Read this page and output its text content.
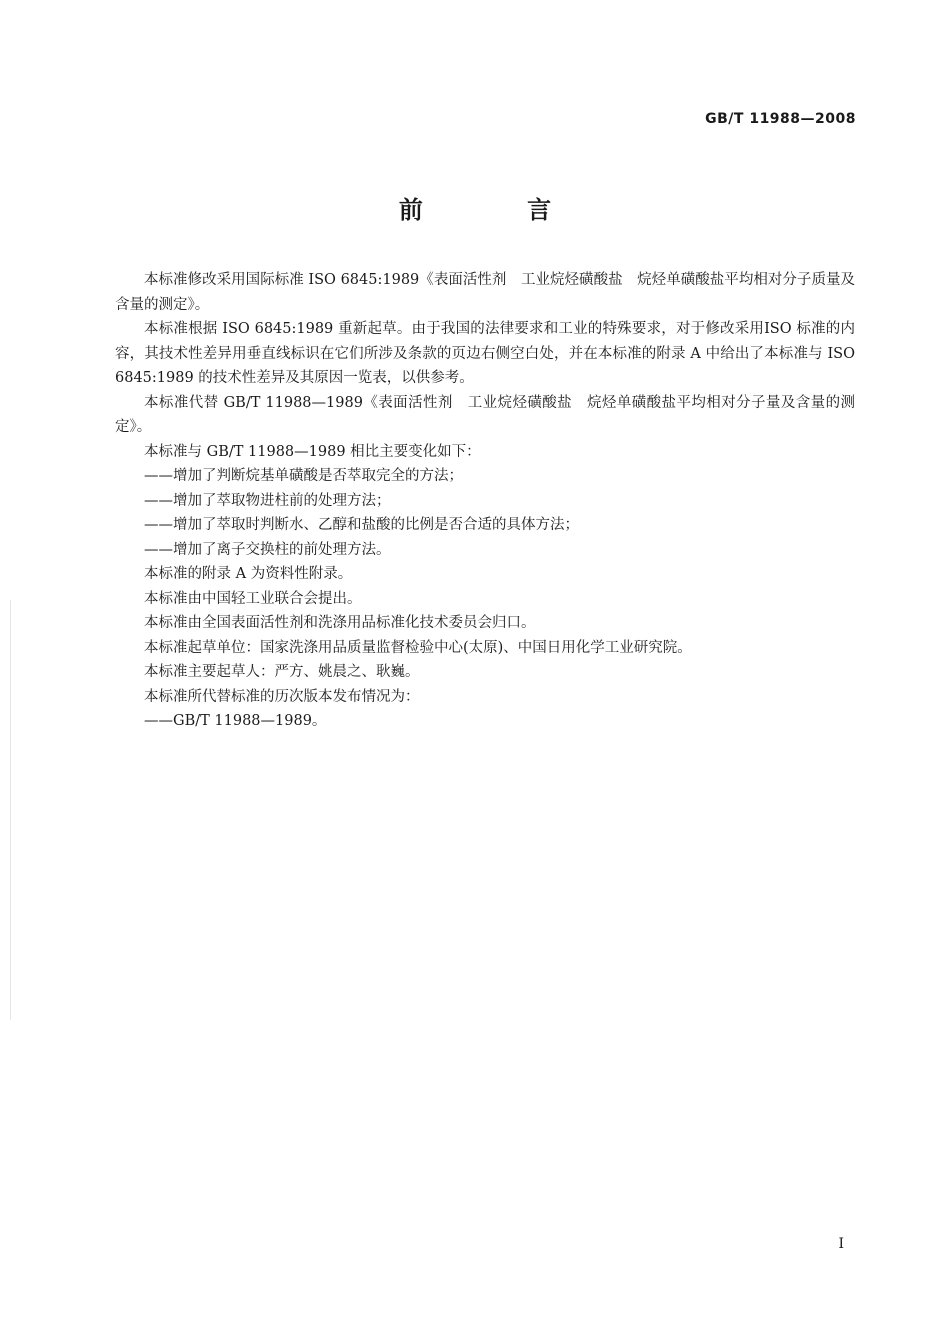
GB/T 11988—2008
前 言

本标准修改采用国际标准 ISO 6845:1989《表面活性剂　工业烷烃磺酸盐　烷烃单磺酸盐平均相对分子质量及含量的测定》。

本标准根据 ISO 6845:1989 重新起草。由于我国的法律要求和工业的特殊要求，对于修改采用ISO 标准的内容，其技术性差异用垂直线标识在它们所涉及条款的页边右侧空白处，并在本标准的附录 A 中给出了本标准与 ISO 6845:1989 的技术性差异及其原因一览表，以供参考。

本标准代替 GB/T 11988—1989《表面活性剂　工业烷烃磺酸盐　烷烃单磺酸盐平均相对分子量及含量的测定》。

本标准与 GB/T 11988—1989 相比主要变化如下：

——增加了判断烷基单磺酸是否萃取完全的方法；

——增加了萃取物进柱前的处理方法；

——增加了萃取时判断水、乙醇和盐酸的比例是否合适的具体方法；

——增加了离子交换柱的前处理方法。

本标准的附录 A 为资料性附录。

本标准由中国轻工业联合会提出。

本标准由全国表面活性剂和洗涤用品标准化技术委员会归口。

本标准起草单位：国家洗涤用品质量监督检验中心(太原)、中国日用化学工业研究院。

本标准主要起草人：严方、姚晨之、耿巍。

本标准所代替标准的历次版本发布情况为：

——GB/T 11988—1989。

I
